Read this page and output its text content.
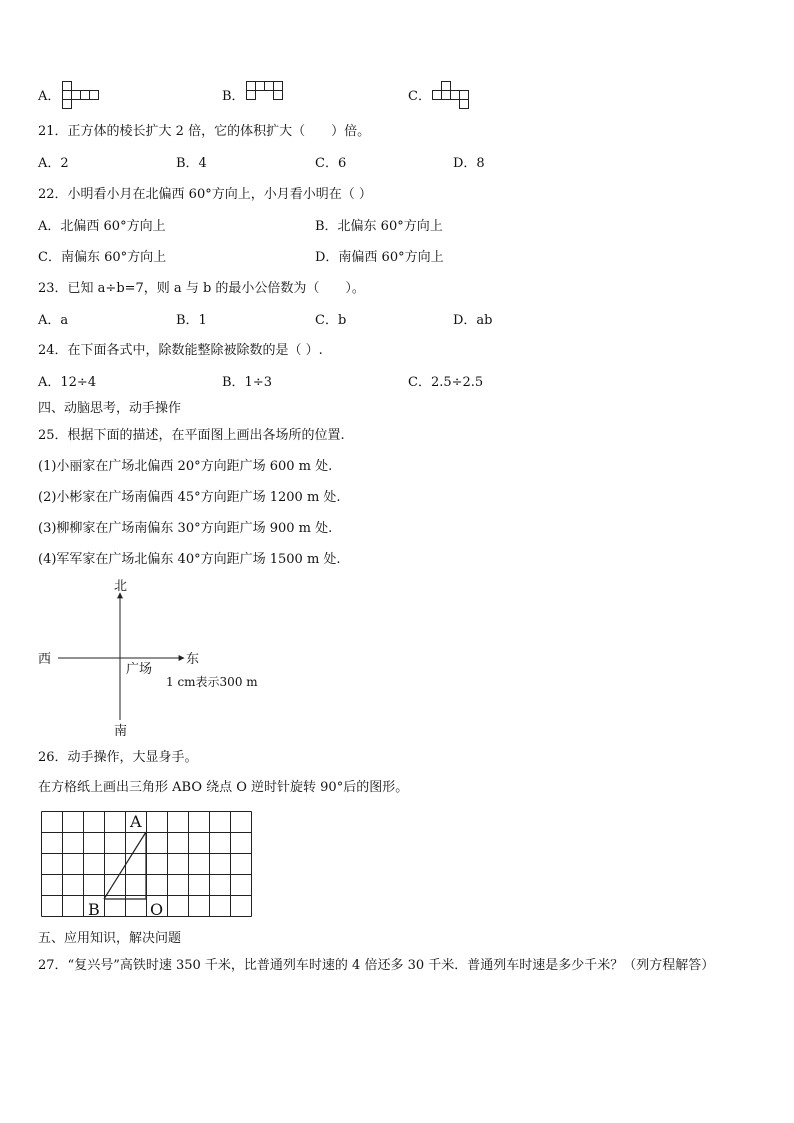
A．	B．	C．
21．正方体的棱长扩大 2 倍，它的体积扩大（　　）倍。
A．2	B．4	C．6	D．8
22．小明看小月在北偏西 60°方向上，小月看小明在（ ）
A．北偏西 60°方向上	B．北偏东 60°方向上
C．南偏东 60°方向上	D．南偏西 60°方向上
23．已知 a÷b=7，则 a 与 b 的最小公倍数为（　　）。
A．a	B．1	C．b	D．ab
24．在下面各式中，除数能整除被除数的是（ ）.
A．12÷4	B．1÷3	C．2.5÷2.5
四、动脑思考，动手操作
25．根据下面的描述，在平面图上画出各场所的位置.
(1)小丽家在广场北偏西 20°方向距广场 600 m 处.
(2)小彬家在广场南偏西 45°方向距广场 1200 m 处.
(3)柳柳家在广场南偏东 30°方向距广场 900 m 处.
(4)军军家在广场北偏东 40°方向距广场 1500 m 处.
北
南
西	东
广场
1 cm表示300 m
26．动手操作，大显身手。
在方格纸上画出三角形 ABO 绕点 O 逆时针旋转 90°后的图形。
A
B	O
五、应用知识，解决问题
27．“复兴号”高铁时速 350 千米，比普通列车时速的 4 倍还多 30 千米．普通列车时速是多少千米？（列方程解答）
